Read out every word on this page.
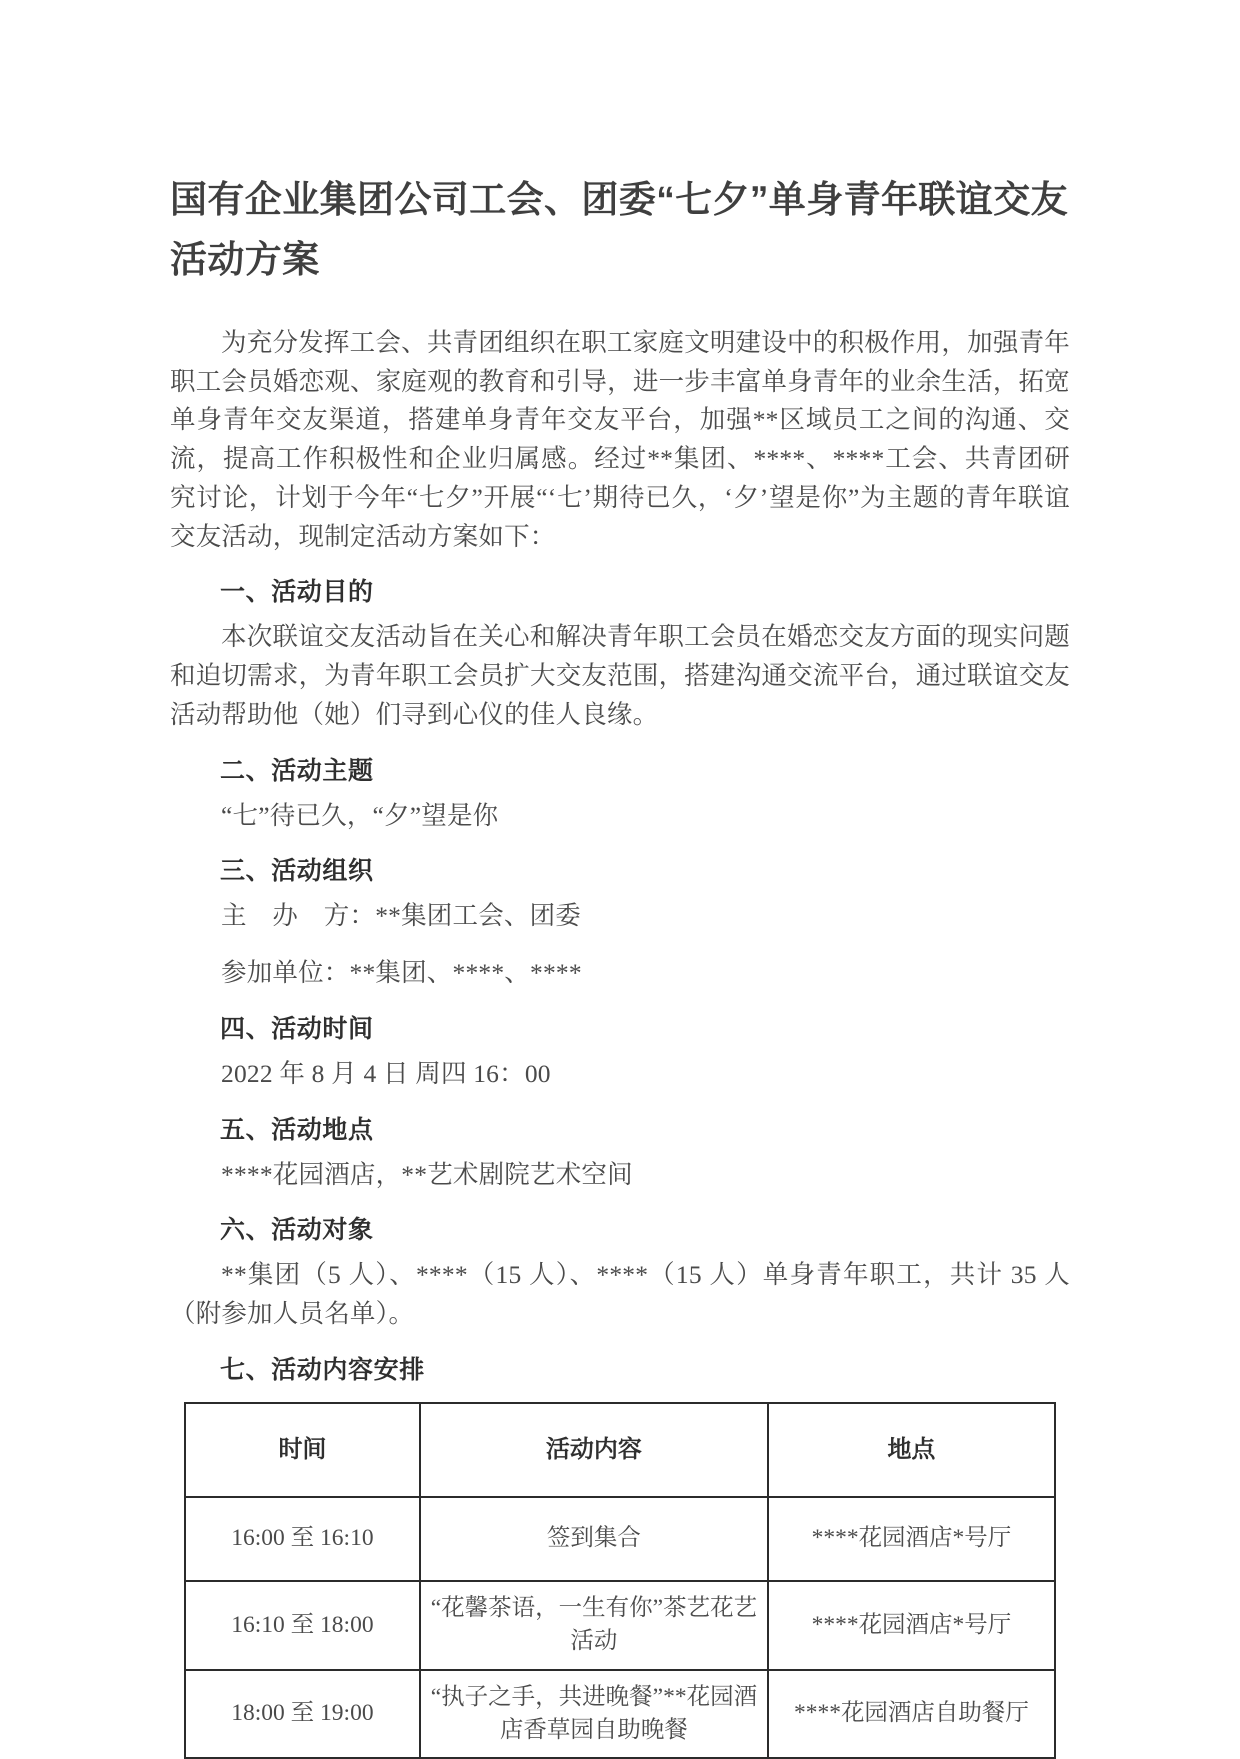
国有企业集团公司工会、团委“七夕”单身青年联谊交友活动方案

为充分发挥工会、共青团组织在职工家庭文明建设中的积极作用，加强青年职工会员婚恋观、家庭观的教育和引导，进一步丰富单身青年的业余生活，拓宽单身青年交友渠道，搭建单身青年交友平台，加强**区域员工之间的沟通、交流，提高工作积极性和企业归属感。经过**集团、****、****工会、共青团研究讨论，计划于今年“七夕”开展“‘七’期待已久，‘夕’望是你”为主题的青年联谊交友活动，现制定活动方案如下：

一、活动目的

本次联谊交友活动旨在关心和解决青年职工会员在婚恋交友方面的现实问题和迫切需求，为青年职工会员扩大交友范围，搭建沟通交流平台，通过联谊交友活动帮助他（她）们寻到心仪的佳人良缘。

二、活动主题

“七”待已久，“夕”望是你

三、活动组织

主　办　方：**集团工会、团委

参加单位：**集团、****、****

四、活动时间

2022 年 8 月 4 日 周四 16：00

五、活动地点

****花园酒店，**艺术剧院艺术空间

六、活动对象

**集团（5 人）、****（15 人）、****（15 人）单身青年职工，共计 35 人（附参加人员名单）。

七、活动内容安排
时间	活动内容	地点
16:00 至 16:10	签到集合	****花园酒店*号厅
16:10 至 18:00	“花馨茶语，一生有你”茶艺花艺活动	****花园酒店*号厅
18:00 至 19:00	“执子之手，共进晚餐”**花园酒店香草园自助晚餐	****花园酒店自助餐厅
